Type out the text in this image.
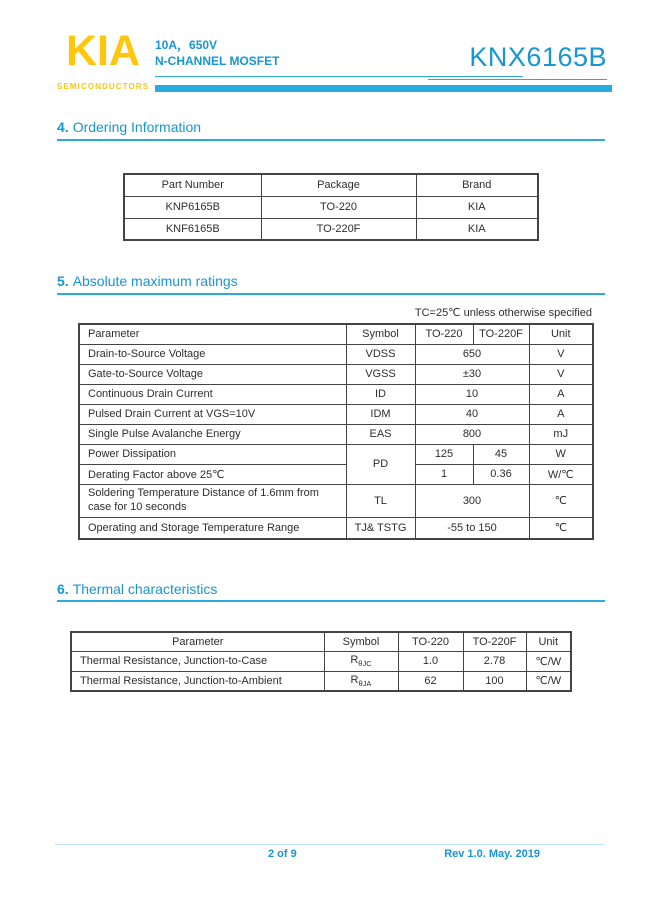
KIA
SEMICONDUCTORS
10A，650V
N-CHANNEL MOSFET	KNX6165B
4. Ordering Information
Part Number	Package	Brand
KNP6165B	TO-220	KIA
KNF6165B	TO-220F	KIA
5. Absolute maximum ratings
TC=25℃ unless otherwise specified
Parameter	Symbol	TO-220	TO-220F	Unit
Drain-to-Source Voltage	VDSS	650		V
Gate-to-Source Voltage	VGSS	±30		V
Continuous Drain Current	ID	10		A
Pulsed Drain Current at VGS=10V	IDM	40		A
Single Pulse Avalanche Energy	EAS	800		mJ
Power Dissipation	PD	125	45	W
Derating Factor above 25℃		1	0.36	W/℃
Soldering Temperature Distance of 1.6mm from case for 10 seconds	TL	300		℃
Operating and Storage Temperature Range	TJ& TSTG	-55 to 150		℃
6. Thermal characteristics
Parameter	Symbol	TO-220	TO-220F	Unit
Thermal Resistance, Junction-to-Case	$R_{\theta JC}$	1.0	2.78	℃/W
Thermal Resistance, Junction-to-Ambient	$R_{\theta JA}$	62	100	℃/W
2 of 9	Rev 1.0. May. 2019
